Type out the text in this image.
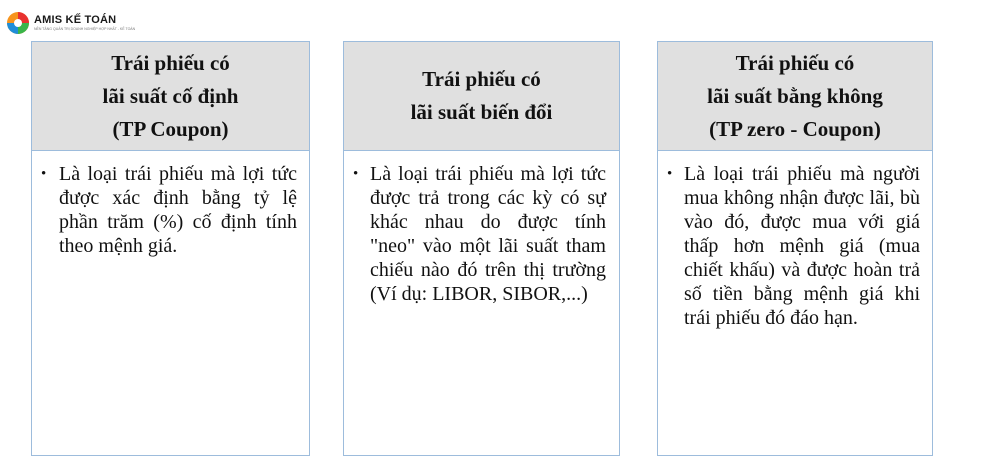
AMIS KẾ TOÁN
NỀN TẢNG QUẢN TRỊ DOANH NGHIỆP HỢP NHẤT - KẾ TOÁN
Trái phiếu có
lãi suất cố định
(TP Coupon)
• Là loại trái phiếu mà lợi tức được xác định bằng tỷ lệ phần trăm (%) cố định tính theo mệnh giá.
Trái phiếu có
lãi suất biến đổi
• Là loại trái phiếu mà lợi tức được trả trong các kỳ có sự khác nhau do được tính "neo" vào một lãi suất tham chiếu nào đó trên thị trường (Ví dụ: LIBOR, SIBOR,...)
Trái phiếu có
lãi suất bằng không
(TP zero - Coupon)
• Là loại trái phiếu mà người mua không nhận được lãi, bù vào đó, được mua với giá thấp hơn mệnh giá (mua chiết khấu) và được hoàn trả số tiền bằng mệnh giá khi trái phiếu đó đáo hạn.
